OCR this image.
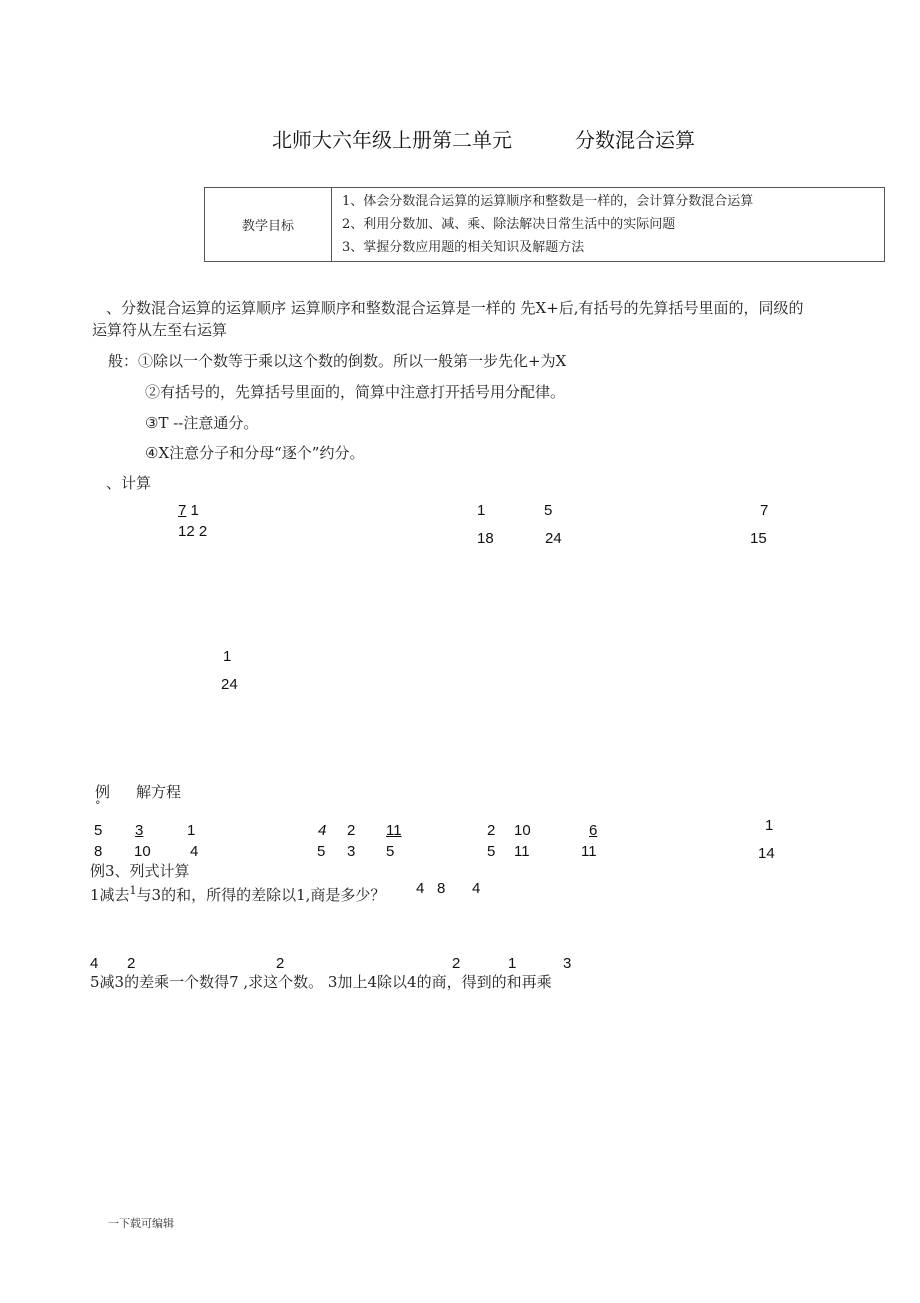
北师大六年级上册第二单元	分数混合运算
教学目标	
1、体会分数混合运算的运算顺序和整数是一样的，会计算分数混合运算
2、利用分数加、减、乘、除法解决日常生活中的实际问题
3、掌握分数应用题的相关知识及解题方法
、分数混合运算的运算顺序 运算顺序和整数混合运算是一样的 先X+后,有括号的先算括号里面的，同级的
运算符从左至右运算
般：①除以一个数等于乘以这个数的倒数。所以一般第一步先化+为X
②有括号的，先算括号里面的，简算中注意打开括号用分配律。
③T --注意通分。
④X注意分子和分母“逐个”约分。
、计算
7 1
12 2
1	5
18	24
7
15
1
24
例 解方程
°
5 3	1	4 2 11	2 10	6	1
8 10	4	5 3 5	5 11	11	14
例3、列式计算
1减去$^1$与3的和，所得的差除以1,商是多少？ 4 8 4
4 2	2	2	1	3
5减3的差乘一个数得7 ,求这个数。 3加上4除以4的商，得到的和再乘
一下载可编辑
